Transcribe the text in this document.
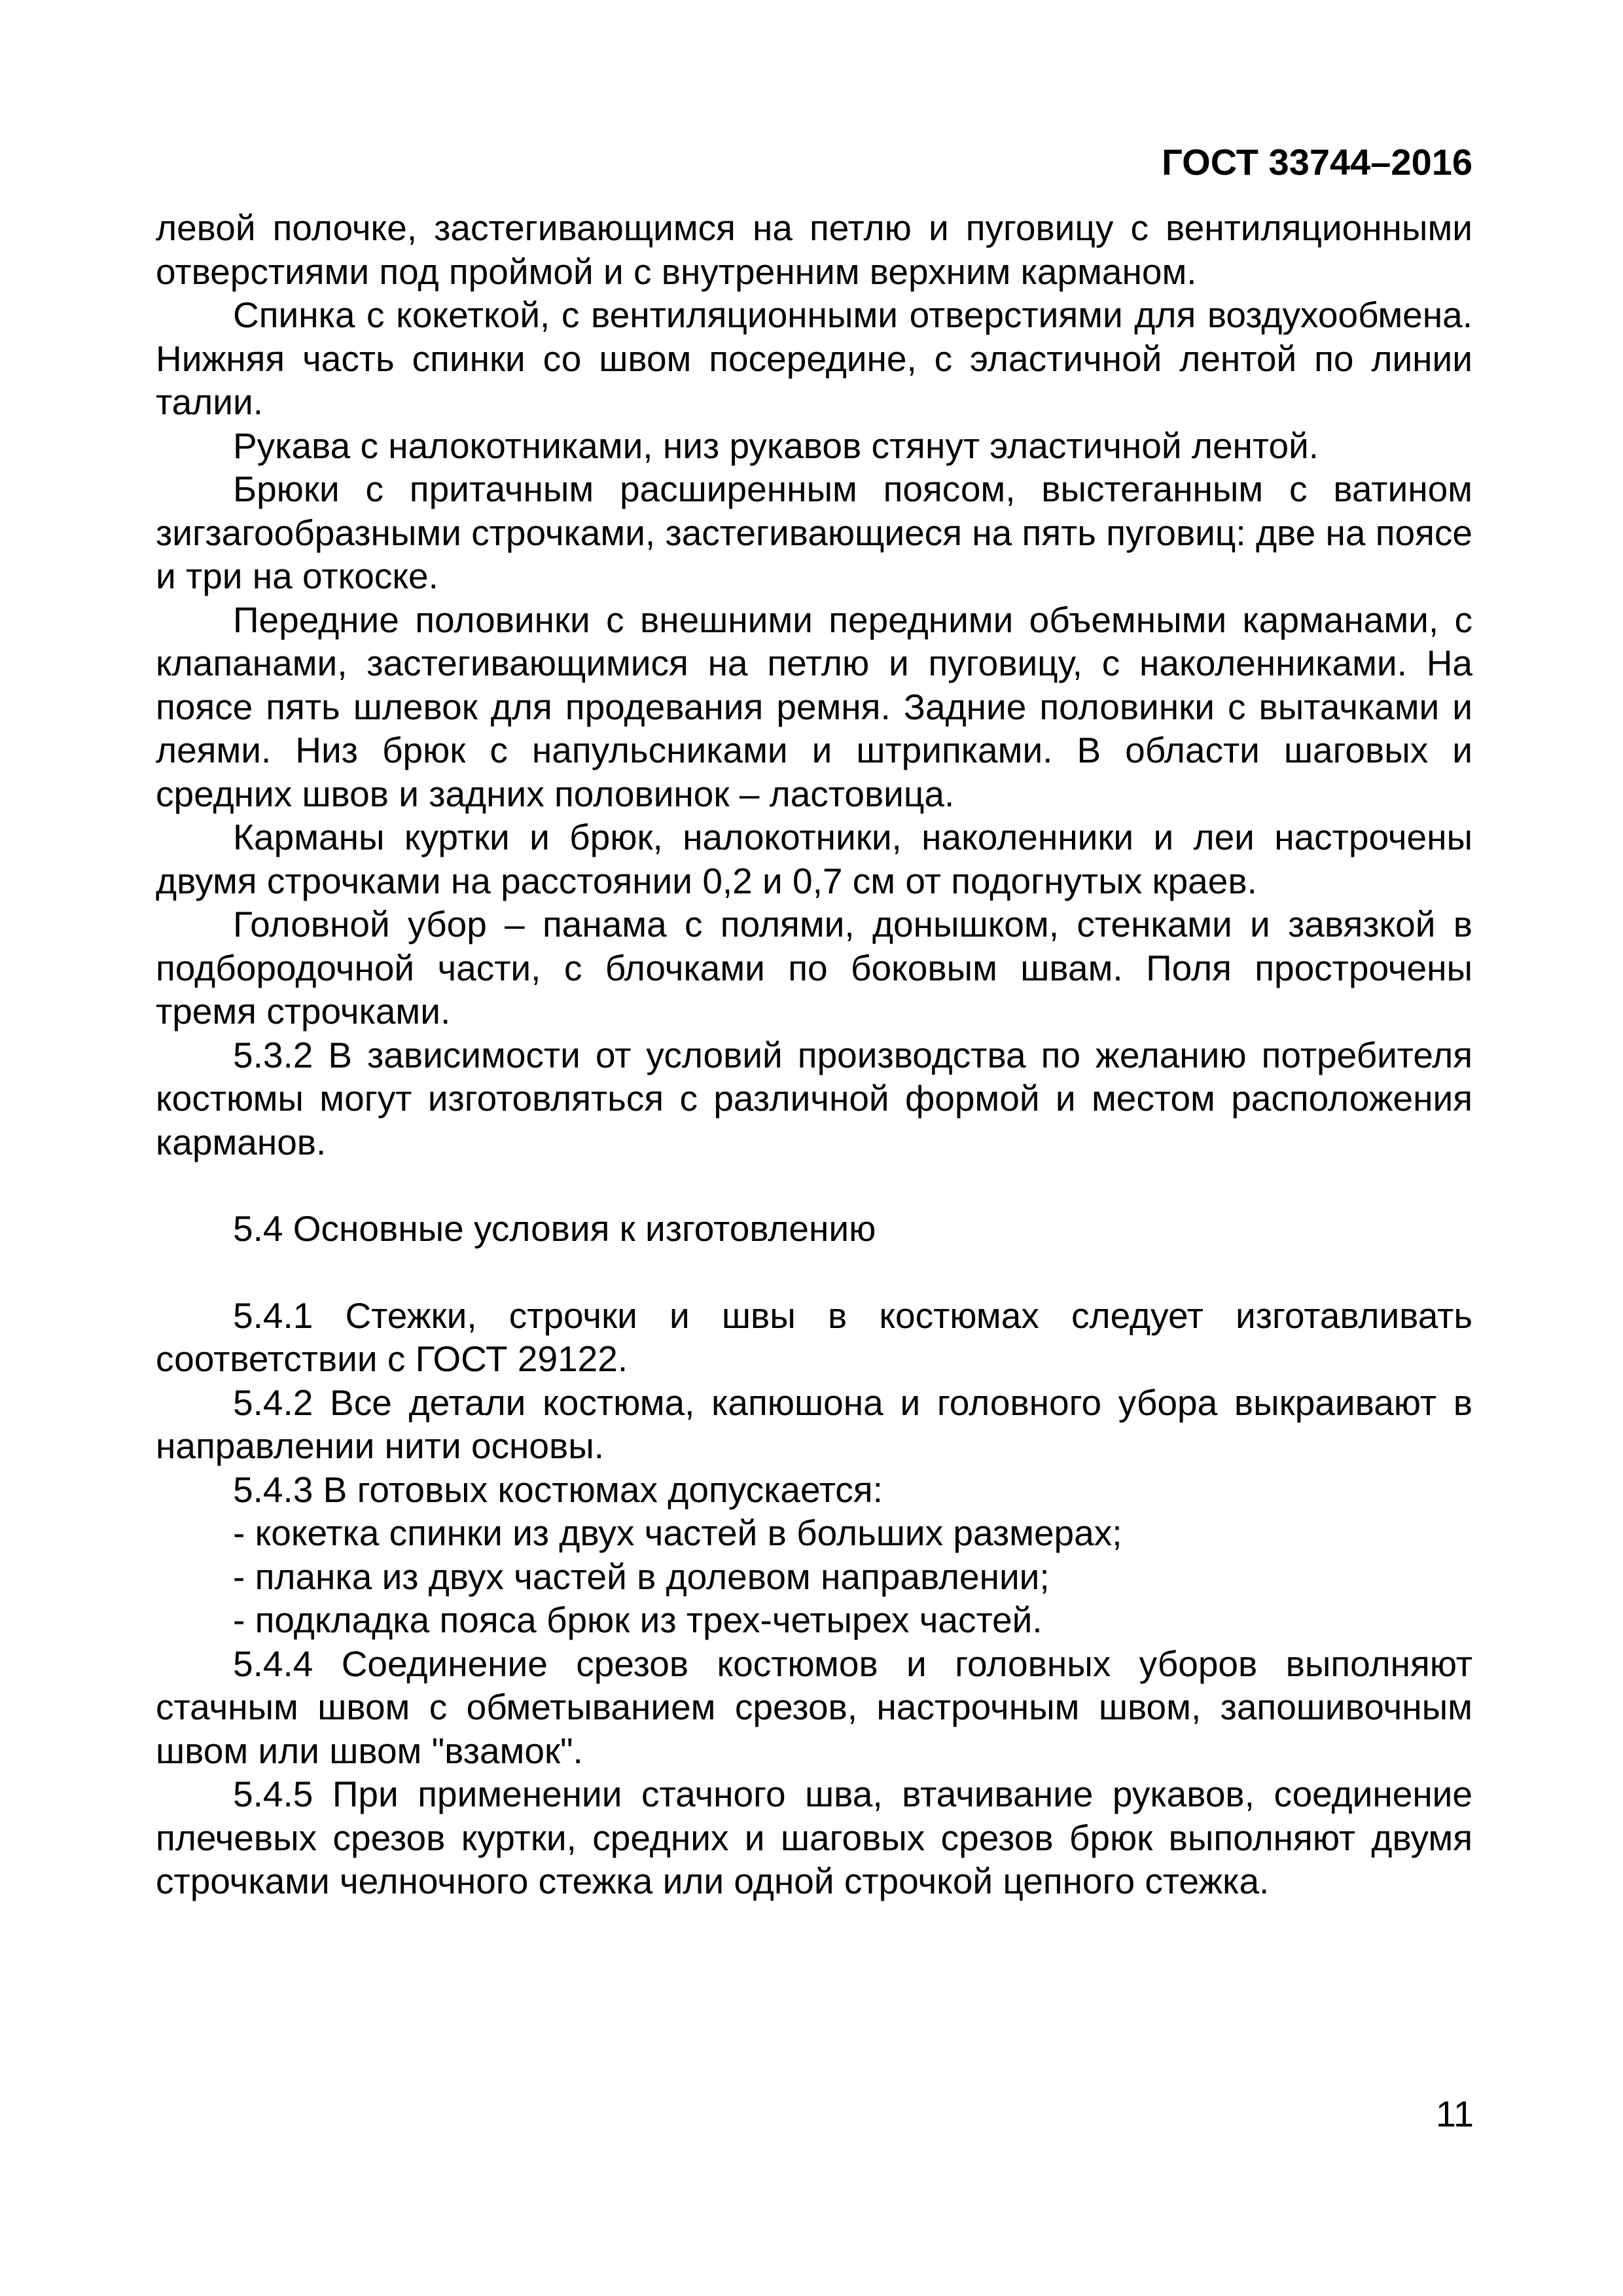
ГОСТ 33744–2016

левой полочке, застегивающимся на петлю и пуговицу с вентиляционными отверстиями под проймой и с внутренним верхним карманом.

Спинка с кокеткой, с вентиляционными отверстиями для воздухообмена. Нижняя часть спинки со швом посередине, с эластичной лентой по линии талии.

Рукава с налокотниками, низ рукавов стянут эластичной лентой.

Брюки с притачным расширенным поясом, выстеганным с ватином зигзагообразными строчками, застегивающиеся на пять пуговиц: две на поясе и три на откоске.

Передние половинки с внешними передними объемными карманами, с клапанами, застегивающимися на петлю и пуговицу, с наколенниками. На поясе пять шлевок для продевания ремня. Задние половинки с вытачками и леями. Низ брюк с напульсниками и штрипками. В области шаговых и средних швов и задних половинок – ластовица.

Карманы куртки и брюк, налокотники, наколенники и леи настрочены двумя строчками на расстоянии 0,2 и 0,7 см от подогнутых краев.

Головной убор – панама с полями, донышком, стенками и завязкой в подбородочной части, с блочками по боковым швам. Поля прострочены тремя строчками.

5.3.2 В зависимости от условий производства по желанию потребителя костюмы могут изготовляться с различной формой и местом расположения карманов.

5.4 Основные условия к изготовлению

5.4.1 Стежки, строчки и швы в костюмах следует изготавливать соответствии с ГОСТ 29122.

5.4.2 Все детали костюма, капюшона и головного убора выкраивают в направлении нити основы.

5.4.3 В готовых костюмах допускается:

- кокетка спинки из двух частей в больших размерах;

- планка из двух частей в долевом направлении;

- подкладка пояса брюк из трех-четырех частей.

5.4.4 Соединение срезов костюмов и головных уборов выполняют стачным швом с обметыванием срезов, настрочным швом, запошивочным швом или швом "взамок".

5.4.5 При применении стачного шва, втачивание рукавов, соединение плечевых срезов куртки, средних и шаговых срезов брюк выполняют двумя строчками челночного стежка или одной строчкой цепного стежка.

11
